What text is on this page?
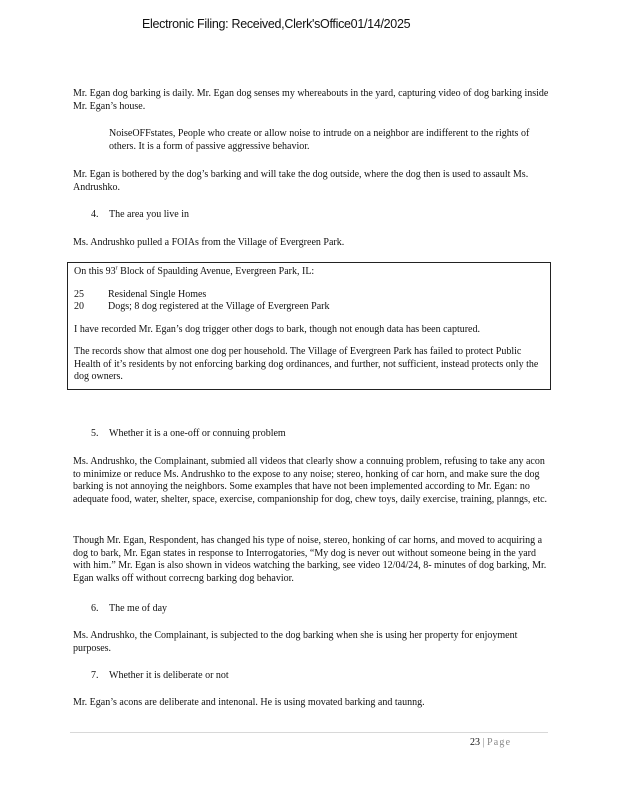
Electronic Filing: Received,Clerk'sOffice01/14/2025

Mr. Egan dog barking is daily. Mr. Egan dog senses my whereabouts in the yard, capturing video of dog barking inside Mr. Egan’s house.

NoiseOFFstates, People who create or allow noise to intrude on a neighbor are indifferent to the rights of others. It is a form of passive aggressive behavior.

Mr. Egan is bothered by the dog’s barking and will take the dog outside, where the dog then is used to assault Ms. Andrushko.

4. The area you live in

Ms. Andrushko pulled a FOIAs from the Village of Evergreen Park.

On this 93$^r$ Block of Spaulding Avenue, Evergreen Park, IL:

25 Residenal Single Homes

20 Dogs; 8 dog registered at the Village of Evergreen Park

I have recorded Mr. Egan’s dog trigger other dogs to bark, though not enough data has been captured.

The records show that almost one dog per household. The Village of Evergreen Park has failed to protect Public Health of it’s residents by not enforcing barking dog ordinances, and further, not sufficient, instead protects only the dog owners.

5. Whether it is a one-off or connuing problem

Ms. Andrushko, the Complainant, submied all videos that clearly show a connuing problem, refusing to take any acon to minimize or reduce Ms. Andrushko to the expose to any noise; stereo, honking of car horn, and make sure the dog barking is not annoying the neighbors. Some examples that have not been implemented according to Mr. Egan: no adequate food, water, shelter, space, exercise, companionship for dog, chew toys, daily exercise, training, planngs, etc.

Though Mr. Egan, Respondent, has changed his type of noise, stereo, honking of car horns, and moved to acquiring a dog to bark, Mr. Egan states in response to Interrogatories, “My dog is never out without someone being in the yard with him.” Mr. Egan is also shown in videos watching the barking, see video 12/04/24, 8- minutes of dog barking, Mr. Egan walks off without correcng barking dog behavior.

6. The me of day

Ms. Andrushko, the Complainant, is subjected to the dog barking when she is using her property for enjoyment purposes.

7. Whether it is deliberate or not

Mr. Egan’s acons are deliberate and intenonal. He is using movated barking and taunng.

23 | Page
